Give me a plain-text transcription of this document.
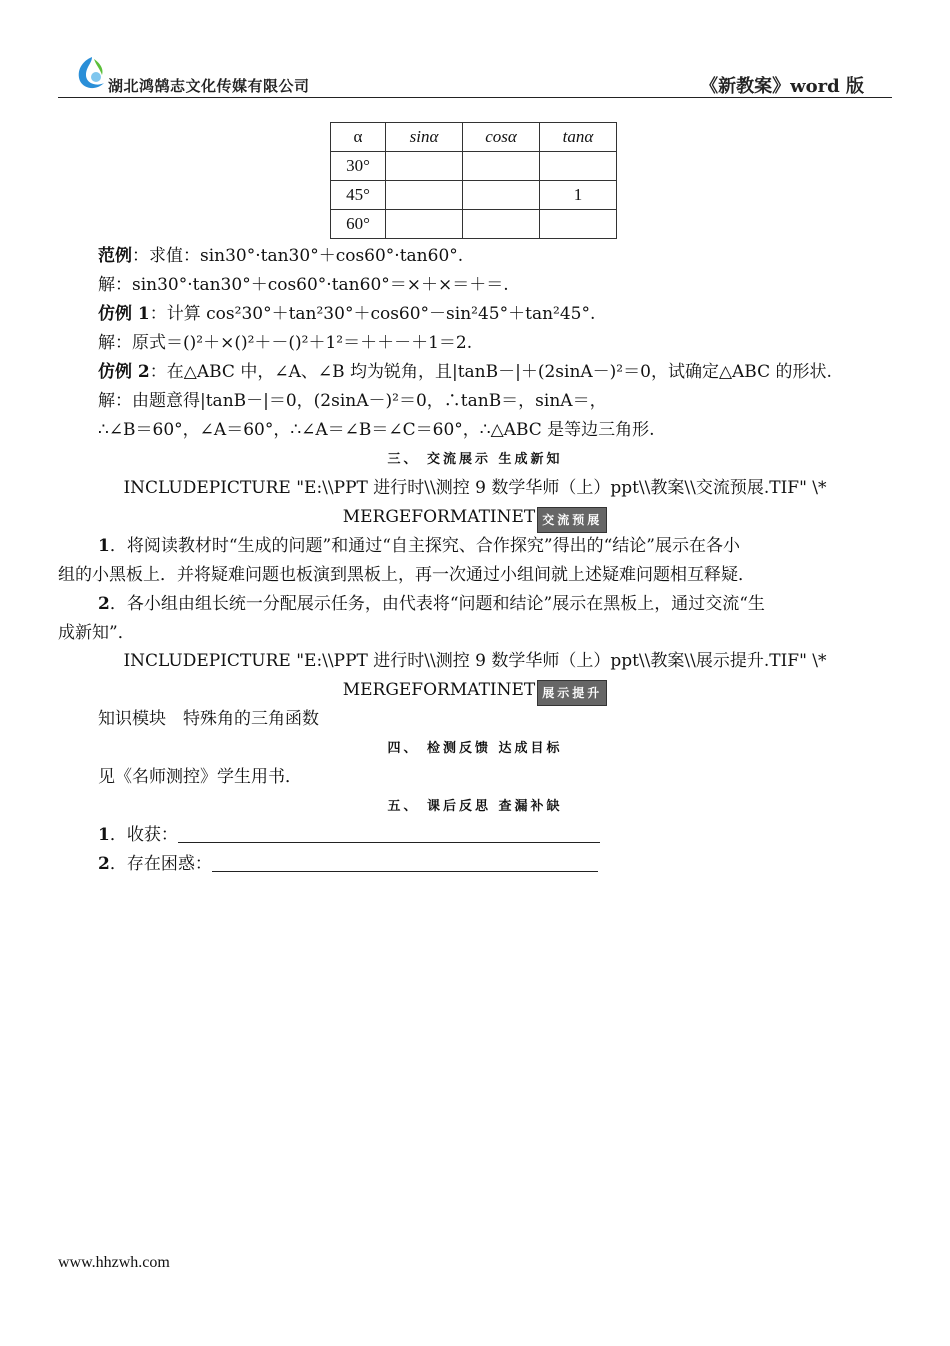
湖北鸿鹄志文化传媒有限公司	《新教案》word 版
α	sinα	cosα	tanα
30°			
45°			1
60°			
范例：求值：sin30°·tan30°＋cos60°·tan60°.
解：sin30°·tan30°＋cos60°·tan60°＝×＋×＝＋＝.
仿例 1：计算 cos²30°＋tan²30°＋cos60°－sin²45°＋tan²45°.
解：原式＝()²＋×()²＋－()²＋1²＝＋＋－＋1＝2.
仿例 2：在△ABC 中，∠A、∠B 均为锐角，且|tanB－|＋(2sinA－)²＝0，试确定△ABC 的形状.
解：由题意得|tanB－|＝0，(2sinA－)²＝0，∴tanB＝，sinA＝，
∴∠B＝60°，∠A＝60°，∴∠A＝∠B＝∠C＝60°，∴△ABC 是等边三角形.
三、 交流展示 生成新知
INCLUDEPICTURE "E:\\PPT 进行时\\测控 9 数学华师（上）ppt\\教案\\交流预展.TIF" \*
MERGEFORMATINET 交流预展
1．将阅读教材时“生成的问题”和通过“自主探究、合作探究”得出的“结论”展示在各小
组的小黑板上．并将疑难问题也板演到黑板上，再一次通过小组间就上述疑难问题相互释疑．
2．各小组由组长统一分配展示任务，由代表将“问题和结论”展示在黑板上，通过交流“生
成新知”．
INCLUDEPICTURE "E:\\PPT 进行时\\测控 9 数学华师（上）ppt\\教案\\展示提升.TIF" \*
MERGEFORMATINET 展示提升
知识模块　特殊角的三角函数
四、 检测反馈 达成目标
见《名师测控》学生用书．
五、 课后反思 查漏补缺
1．收获：
2．存在困惑：
www.hhzwh.com
